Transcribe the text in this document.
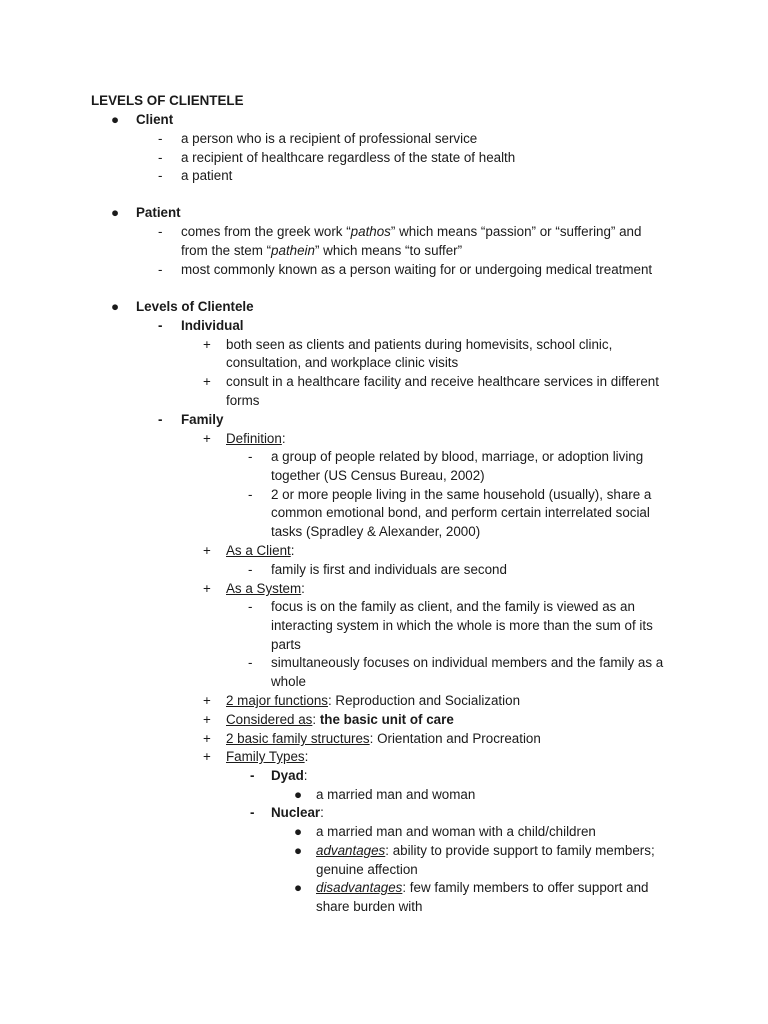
LEVELS OF CLIENTELE
● Client
- a person who is a recipient of professional service
- a recipient of healthcare regardless of the state of health
- a patient
● Patient
- comes from the greek work “pathos” which means “passion” or “suffering” and
from the stem “pathein” which means “to suffer”
- most commonly known as a person waiting for or undergoing medical treatment
● Levels of Clientele
- Individual
+ both seen as clients and patients during homevisits, school clinic,
consultation, and workplace clinic visits
+ consult in a healthcare facility and receive healthcare services in different
forms
- Family
+ Definition:
- a group of people related by blood, marriage, or adoption living
together (US Census Bureau, 2002)
- 2 or more people living in the same household (usually), share a
common emotional bond, and perform certain interrelated social
tasks (Spradley & Alexander, 2000)
+ As a Client:
- family is first and individuals are second
+ As a System:
- focus is on the family as client, and the family is viewed as an
interacting system in which the whole is more than the sum of its
parts
- simultaneously focuses on individual members and the family as a
whole
+ 2 major functions: Reproduction and Socialization
+ Considered as: the basic unit of care
+ 2 basic family structures: Orientation and Procreation
+ Family Types:
- Dyad:
● a married man and woman
- Nuclear:
● a married man and woman with a child/children
● advantages: ability to provide support to family members;
genuine affection
● disadvantages: few family members to offer support and
share burden with
